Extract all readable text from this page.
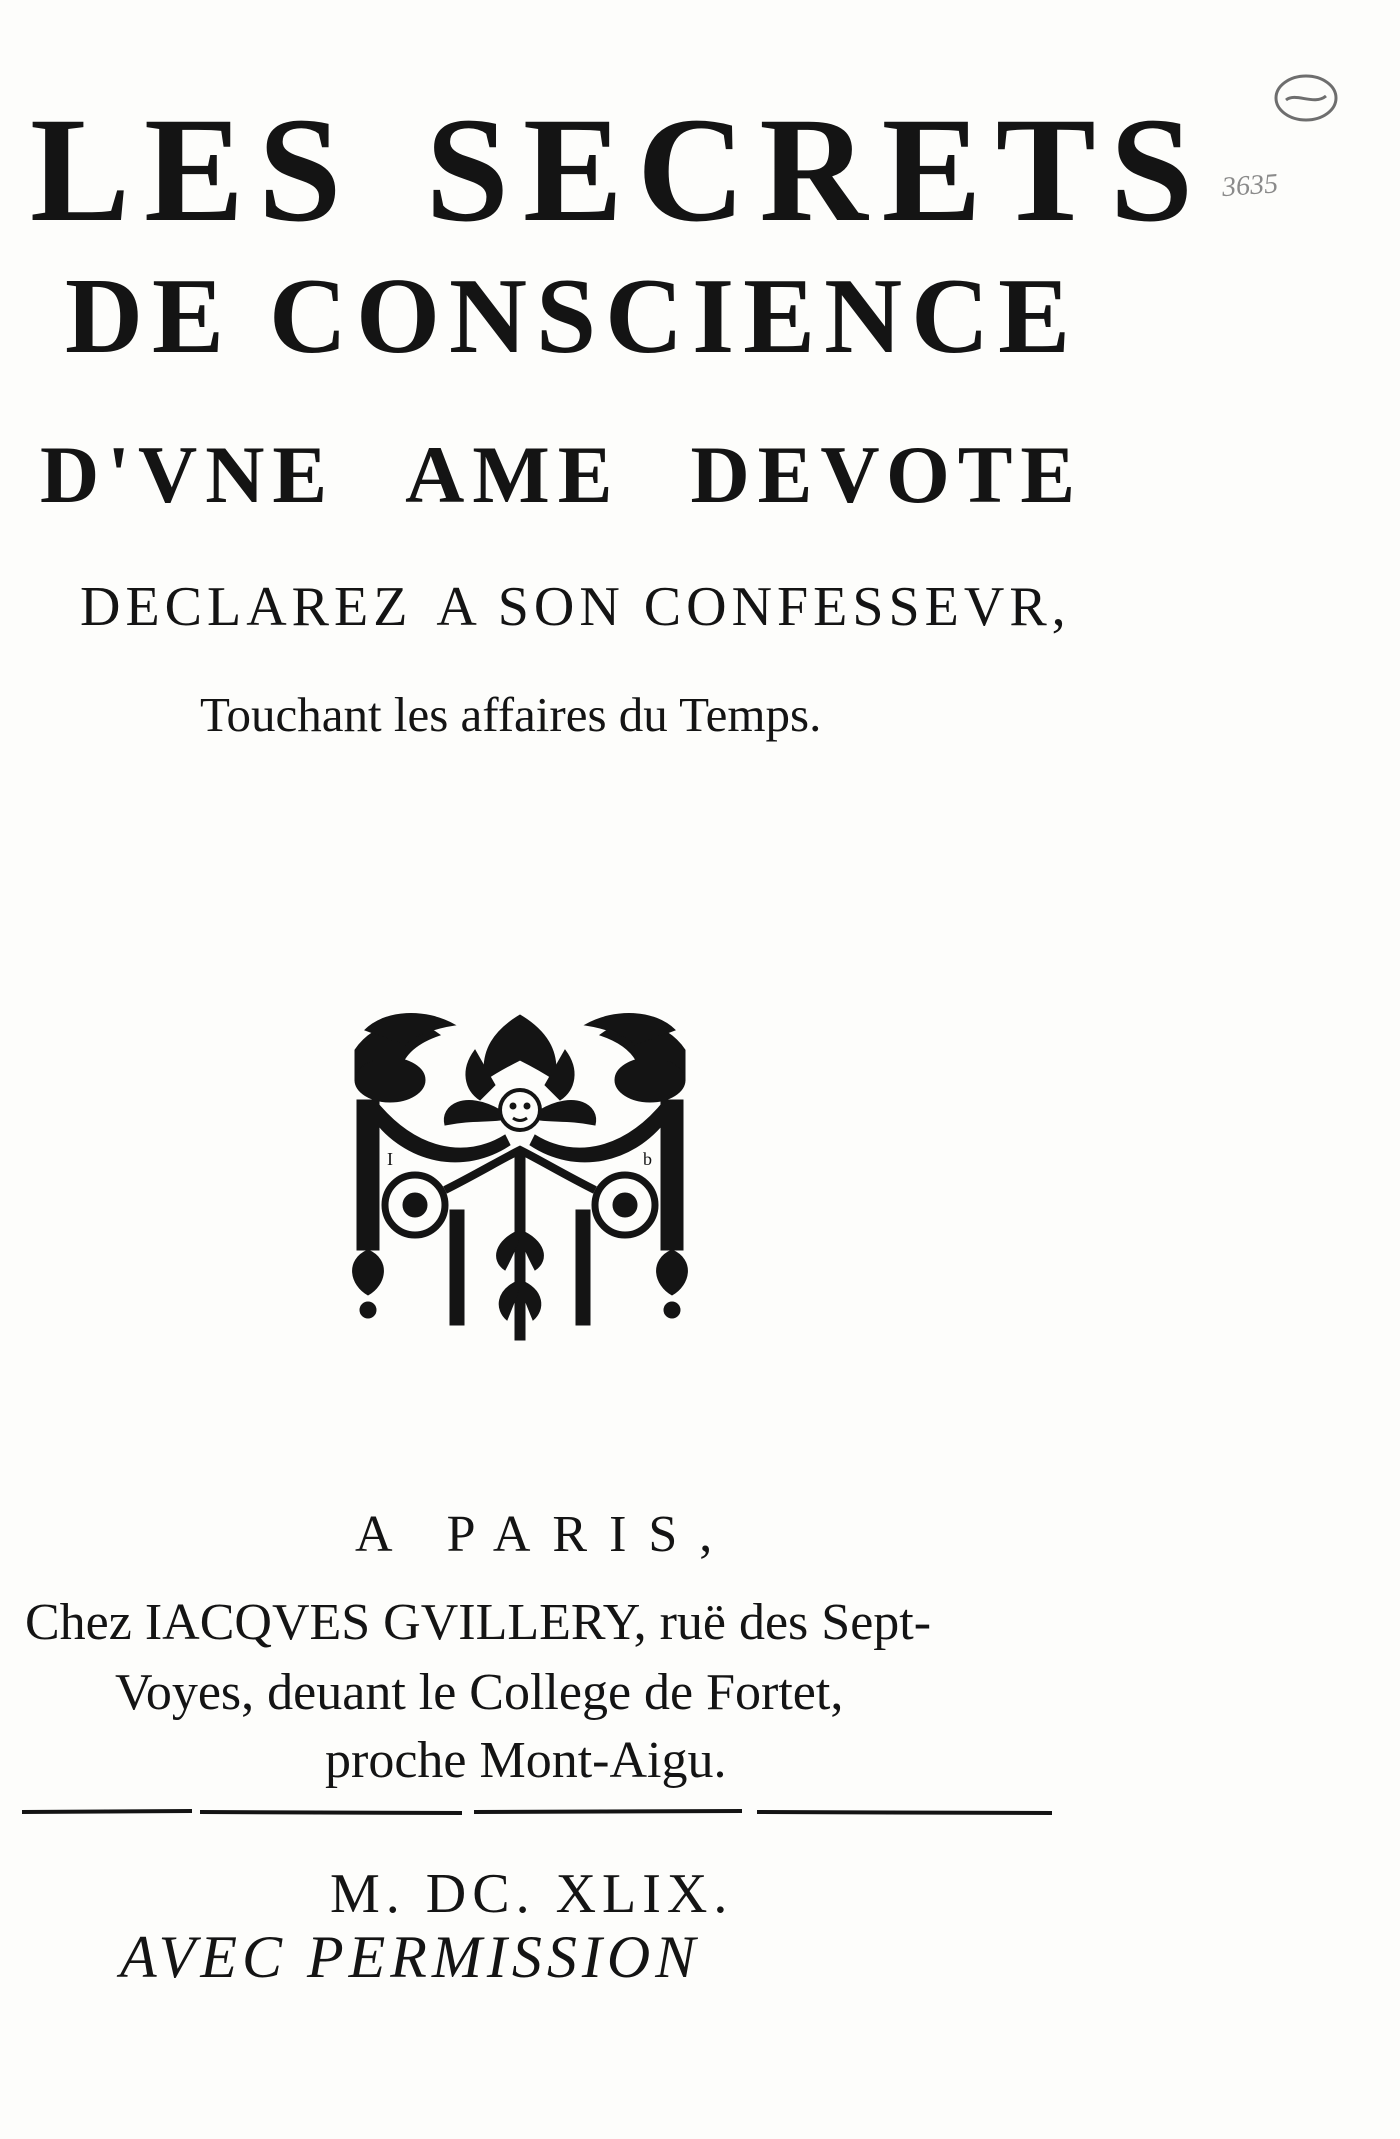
LES SECRETS
DE CONSCIENCE
D'VNE AME DEVOTE
DECLAREZ A SON CONFESSEVR,
Touchant les affaires du Temps.
I	b
A PARIS,
Chez IACQVES GVILLERY, ruë des Sept-
Voyes, deuant le College de Fortet,
proche Mont-Aigu.
M. DC. XLIX.
AVEC PERMISSION
3635
